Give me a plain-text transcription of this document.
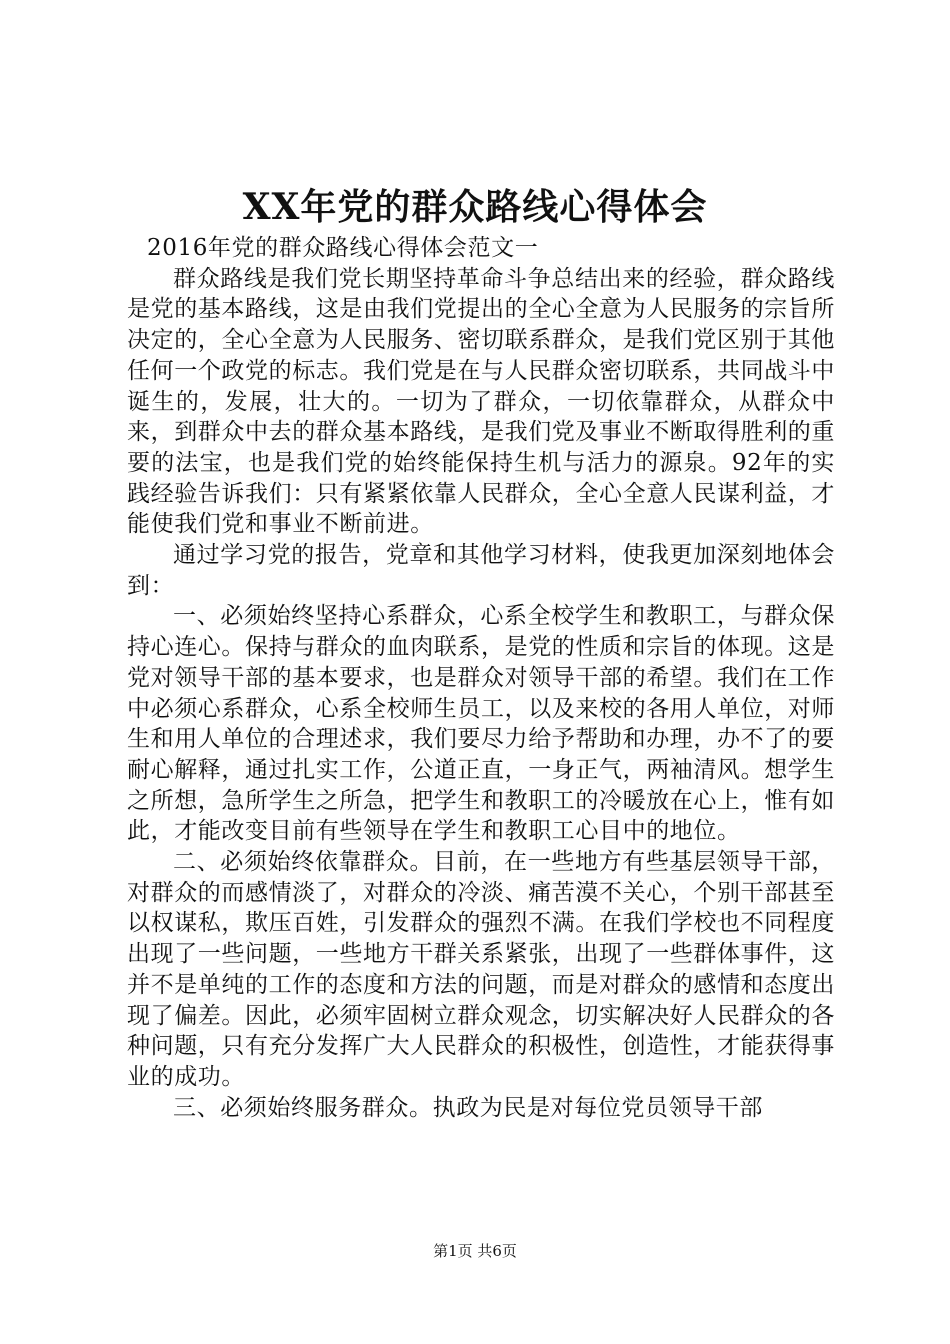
XX年党的群众路线心得体会

2016年党的群众路线心得体会范文一

群众路线是我们党长期坚持革命斗争总结出来的经验，群众路线是党的基本路线，这是由我们党提出的全心全意为人民服务的宗旨所决定的，全心全意为人民服务、密切联系群众，是我们党区别于其他任何一个政党的标志。我们党是在与人民群众密切联系，共同战斗中诞生的，发展，壮大的。一切为了群众，一切依靠群众，从群众中来，到群众中去的群众基本路线，是我们党及事业不断取得胜利的重要的法宝，也是我们党的始终能保持生机与活力的源泉。92年的实践经验告诉我们：只有紧紧依靠人民群众，全心全意人民谋利益，才能使我们党和事业不断前进。

通过学习党的报告，党章和其他学习材料，使我更加深刻地体会到：

一、必须始终坚持心系群众，心系全校学生和教职工，与群众保持心连心。保持与群众的血肉联系，是党的性质和宗旨的体现。这是党对领导干部的基本要求，也是群众对领导干部的希望。我们在工作中必须心系群众，心系全校师生员工，以及来校的各用人单位，对师生和用人单位的合理述求，我们要尽力给予帮助和办理，办不了的要耐心解释，通过扎实工作，公道正直，一身正气，两袖清风。想学生之所想，急所学生之所急，把学生和教职工的冷暖放在心上，惟有如此，才能改变目前有些领导在学生和教职工心目中的地位。

二、必须始终依靠群众。目前，在一些地方有些基层领导干部，对群众的而感情淡了，对群众的冷淡、痛苦漠不关心，个别干部甚至以权谋私，欺压百姓，引发群众的强烈不满。在我们学校也不同程度出现了一些问题，一些地方干群关系紧张，出现了一些群体事件，这并不是单纯的工作的态度和方法的问题，而是对群众的感情和态度出现了偏差。因此，必须牢固树立群众观念，切实解决好人民群众的各种问题，只有充分发挥广大人民群众的积极性，创造性，才能获得事业的成功。

三、必须始终服务群众。执政为民是对每位党员领导干部

第1页 共6页
